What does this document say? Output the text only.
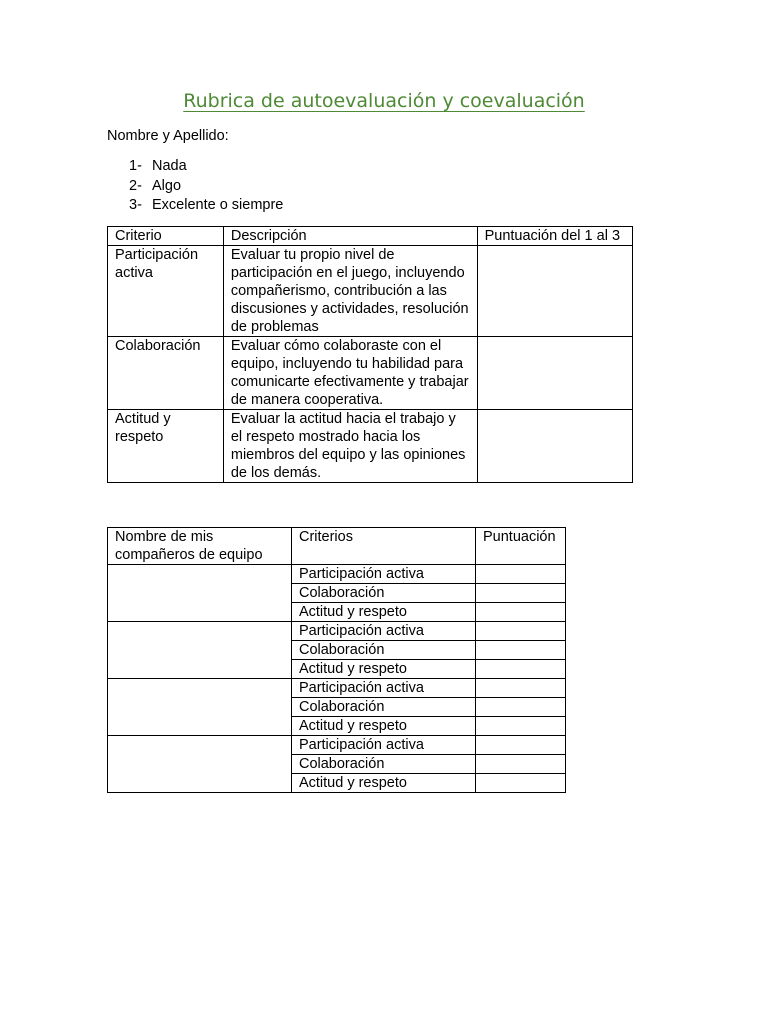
Rubrica de autoevaluación y coevaluación
Nombre y Apellido:
1- Nada
2- Algo
3- Excelente o siempre
Criterio	Descripción	Puntuación del 1 al 3
Participación activa	Evaluar tu propio nivel de participación en el juego, incluyendo compañerismo, contribución a las discusiones y actividades, resolución de problemas	
Colaboración	Evaluar cómo colaboraste con el equipo, incluyendo tu habilidad para comunicarte efectivamente y trabajar de manera cooperativa.	
Actitud y respeto	Evaluar la actitud hacia el trabajo y el respeto mostrado hacia los miembros del equipo y las opiniones de los demás.	
Nombre de mis compañeros de equipo	Criterios	Puntuación
	Participación activa	
	Colaboración	
	Actitud y respeto	
	Participación activa	
	Colaboración	
	Actitud y respeto	
	Participación activa	
	Colaboración	
	Actitud y respeto	
	Participación activa	
	Colaboración	
	Actitud y respeto	
